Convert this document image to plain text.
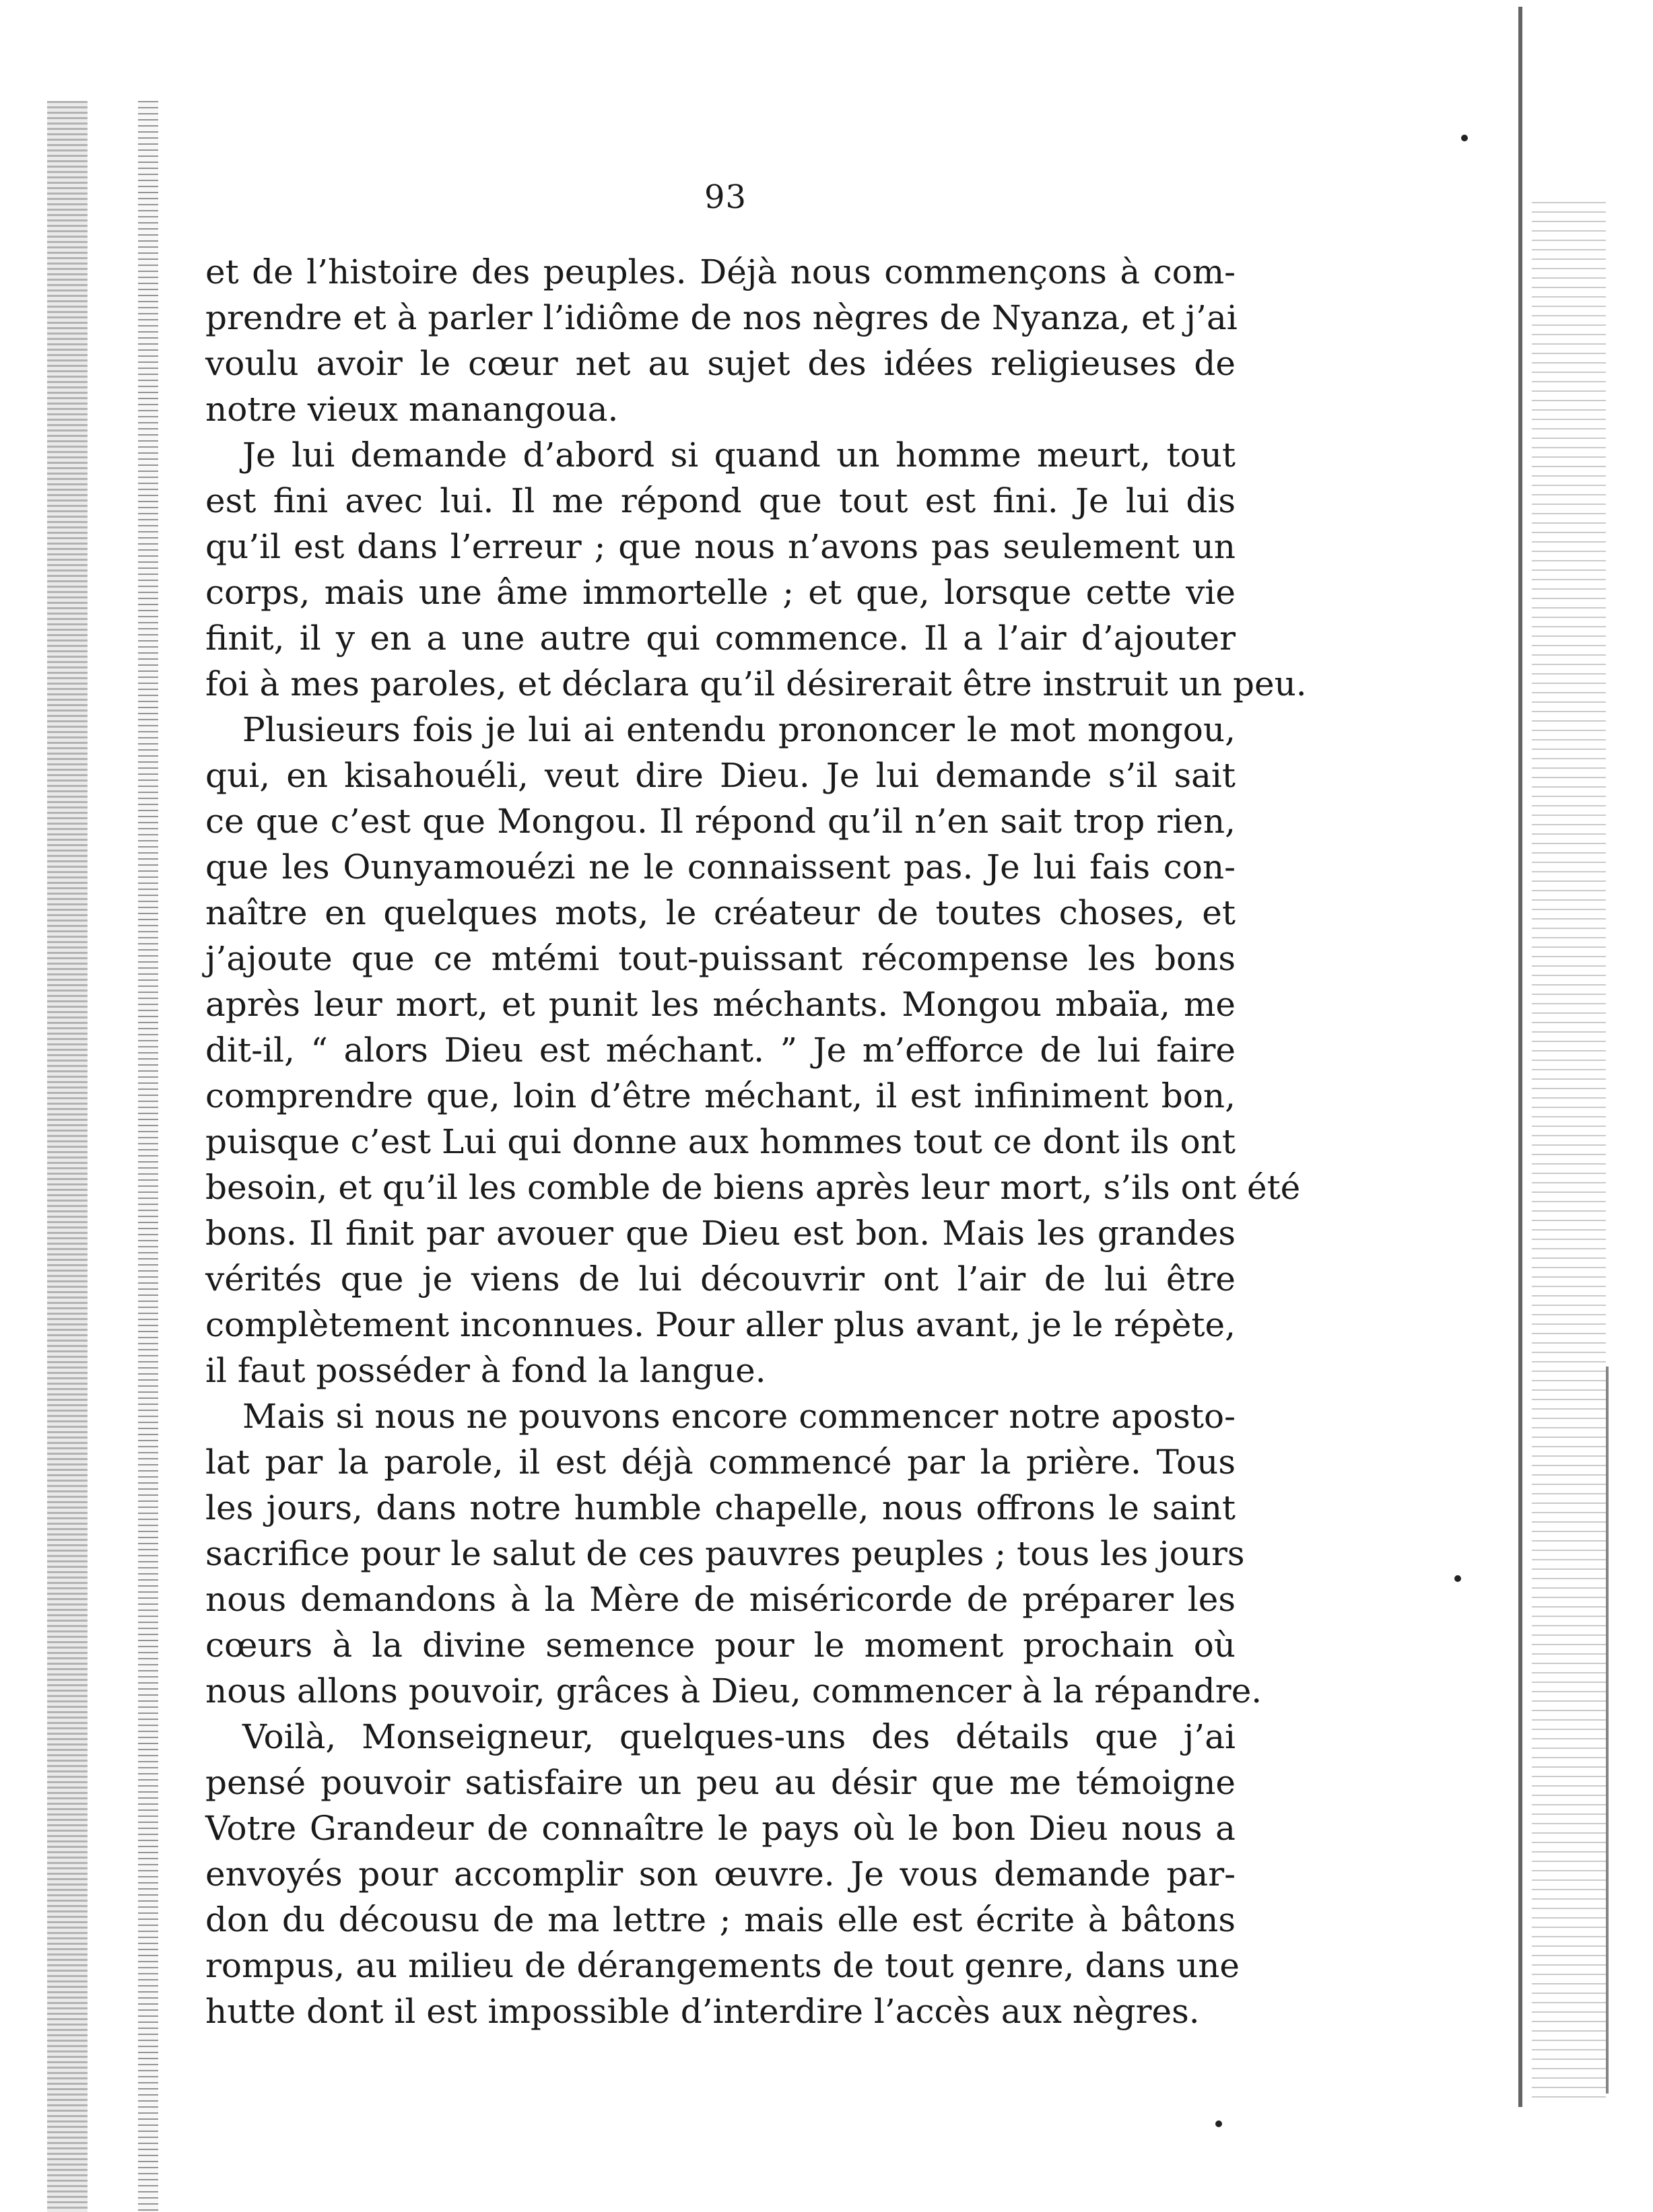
93
et de l’histoire des peuples. Déjà nous commençons à com-
prendre et à parler l’idiôme de nos nègres de Nyanza, et j’ai
voulu avoir le cœur net au sujet des idées religieuses de
notre vieux manangoua.
Je lui demande d’abord si quand un homme meurt, tout
est fini avec lui. Il me répond que tout est fini. Je lui dis
qu’il est dans l’erreur ; que nous n’avons pas seulement un
corps, mais une âme immortelle ; et que, lorsque cette vie
finit, il y en a une autre qui commence. Il a l’air d’ajouter
foi à mes paroles, et déclara qu’il désirerait être instruit un peu.
Plusieurs fois je lui ai entendu prononcer le mot mongou,
qui, en kisahouéli, veut dire Dieu. Je lui demande s’il sait
ce que c’est que Mongou. Il répond qu’il n’en sait trop rien,
que les Ounyamouézi ne le connaissent pas. Je lui fais con-
naître en quelques mots, le créateur de toutes choses, et
j’ajoute que ce mtémi tout-puissant récompense les bons
après leur mort, et punit les méchants. Mongou mbaïa, me
dit-il, “ alors Dieu est méchant. ” Je m’efforce de lui faire
comprendre que, loin d’être méchant, il est infiniment bon,
puisque c’est Lui qui donne aux hommes tout ce dont ils ont
besoin, et qu’il les comble de biens après leur mort, s’ils ont été
bons. Il finit par avouer que Dieu est bon. Mais les grandes
vérités que je viens de lui découvrir ont l’air de lui être
complètement inconnues. Pour aller plus avant, je le répète,
il faut posséder à fond la langue.
Mais si nous ne pouvons encore commencer notre aposto-
lat par la parole, il est déjà commencé par la prière. Tous
les jours, dans notre humble chapelle, nous offrons le saint
sacrifice pour le salut de ces pauvres peuples ; tous les jours
nous demandons à la Mère de miséricorde de préparer les
cœurs à la divine semence pour le moment prochain où
nous allons pouvoir, grâces à Dieu, commencer à la répandre.
Voilà, Monseigneur, quelques-uns des détails que j’ai
pensé pouvoir satisfaire un peu au désir que me témoigne
Votre Grandeur de connaître le pays où le bon Dieu nous a
envoyés pour accomplir son œuvre. Je vous demande par-
don du décousu de ma lettre ; mais elle est écrite à bâtons
rompus, au milieu de dérangements de tout genre, dans une
hutte dont il est impossible d’interdire l’accès aux nègres.
